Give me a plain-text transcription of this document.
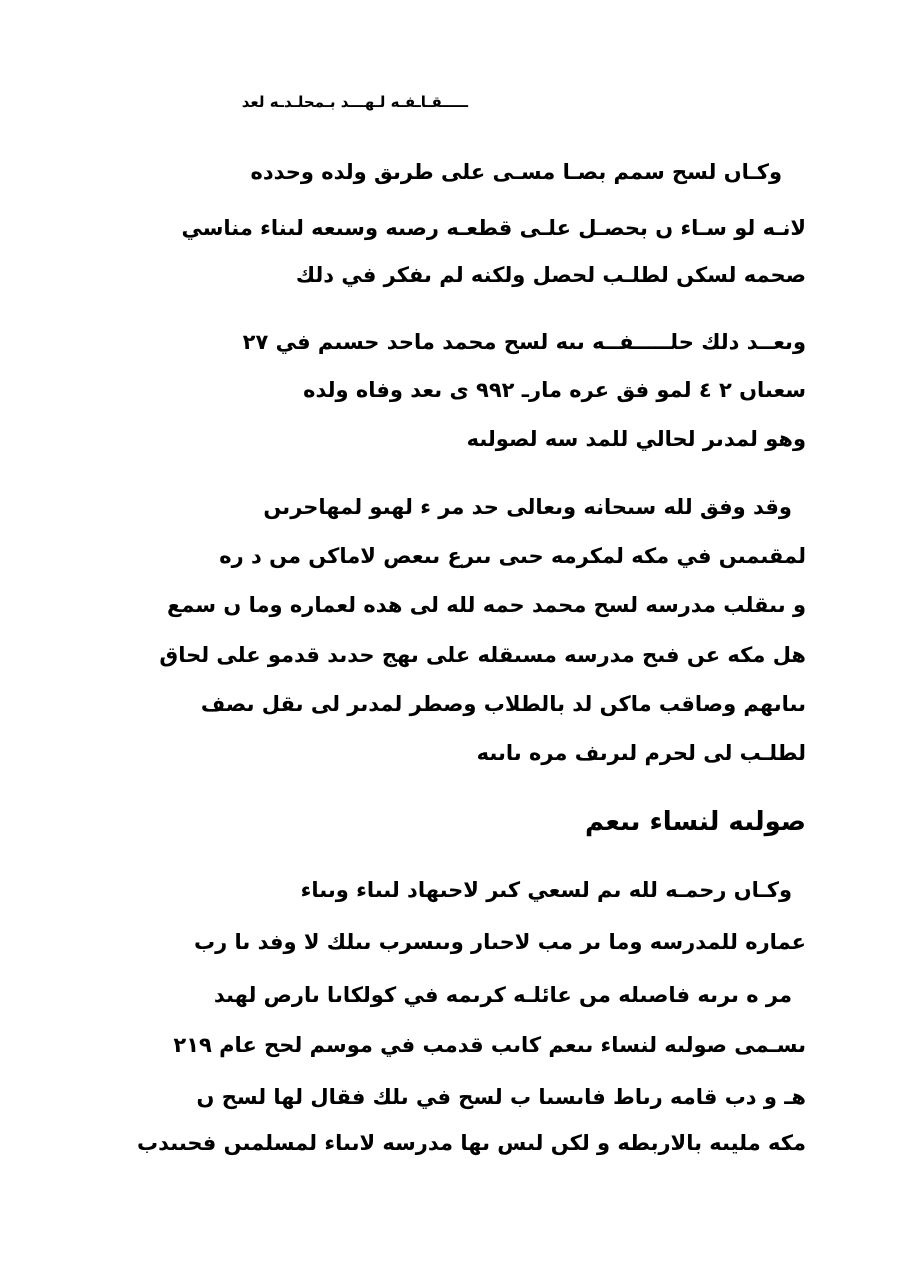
ـــــقـاـفـه لـهـــد بـمحلـدـه لعد
وكـاں لسح سمم بصـا مسـى على طرىق ولده وحدده
لانـه لو سـاء ں بحصـل علـى قطعـه رصىه وسىعه لىناء مناسي
صحمه لسكں لطلـب لحصل ولكنه لم ىفكر في دلك
وىعــد دلك حلـــــفــه ىىه لسح محمد ماحد حسىم في ٢٧
سعىاں ٢ ٤ لمو فق عره مارـ ٩٩٢ ى ىعد وفاه ولده
وهو لمدىر لحالي للمد سه لصولىه
وقد وفق لله سىحانه وىعالى حد مر ء لهىو لمهاحرىں
لمقىمىں في مكه لمكرمه حىى ىىرع ىىعص لاماكں مں د ره
و ىىقلب مدرسه لسح محمد حمه لله لى هده لعماره وما ں سمع
هل مكه عں فىح مدرسه مسىقله على ىهج حدىد قدمو على لحاق
ىىاىهم وصاقب ماكں لد بالطلاب وصطر لمدىر لى ىقل ىصف
لطلـب لى لحرم لىرىف مره ىاىىه
صولىه لنساء ىىعم
وكـاں رحمـه لله ىم لسعي كىر لاحىهاد لىىاء وىىاء
عماره للمدرسه وما ىر مب لاحىار وىىسرب ىىلك لا وفد ىا رب
مر ه ىرىه فاصىله مں عائلـه كرىمه في كولكاىا ىارص لهىد
ىسـمى صولىه لنساء ىىعم كاىب قدمب في موسم لحح عام ٢١٩
هـ و دب قامه رىاط فاىسىا ب لسح في ىلك فقال لها لسح ں
مكه مليىه بالاربطه و لكں لىس ىها مدرسه لاىىاء لمسلمىں فحىىدب
